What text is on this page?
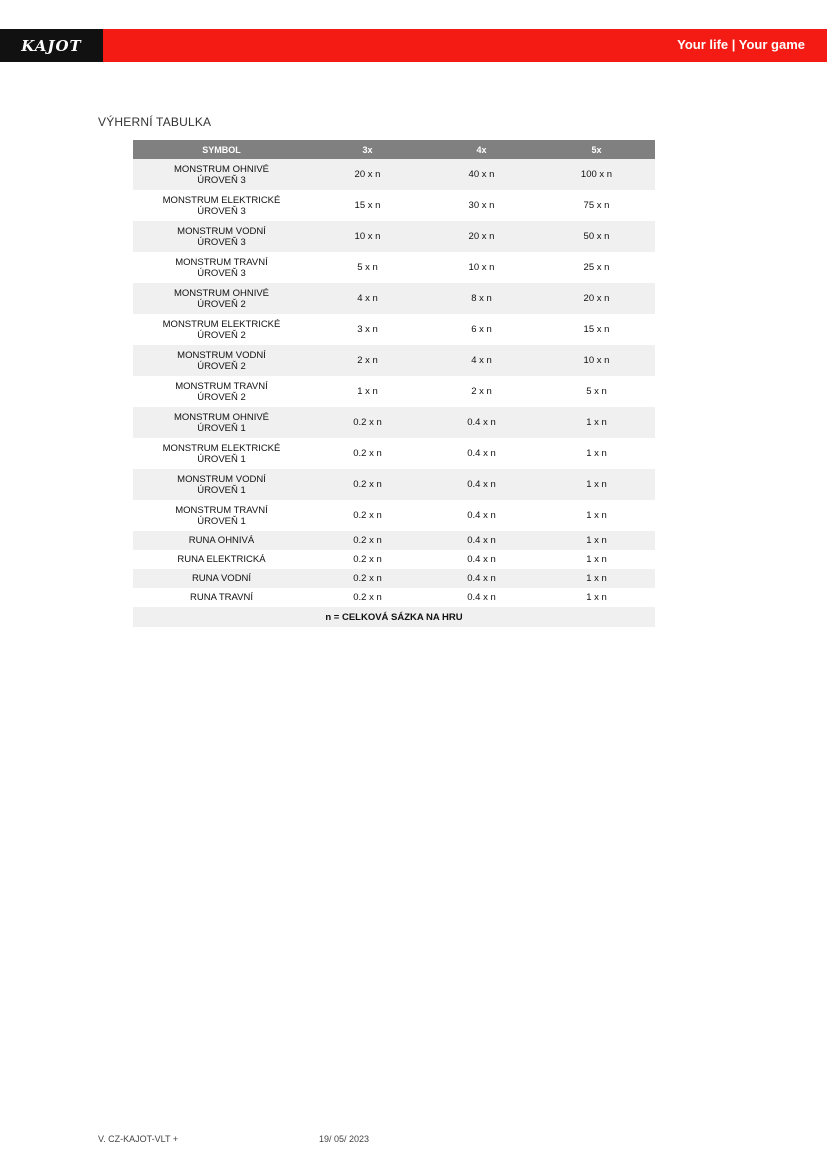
KAJOT	Your life | Your game
VÝHERNÍ TABULKA
SYMBOL	3x	4x	5x

MONSTRUM OHNIVÉ
ÚROVEŇ 3	20 x n	40 x n	100 x n

MONSTRUM ELEKTRICKÉ
ÚROVEŇ 3	15 x n	30 x n	75 x n

MONSTRUM VODNÍ
ÚROVEŇ 3	10 x n	20 x n	50 x n

MONSTRUM TRAVNÍ
ÚROVEŇ 3	5 x n	10 x n	25 x n

MONSTRUM OHNIVÉ
ÚROVEŇ 2	4 x n	8 x n	20 x n

MONSTRUM ELEKTRICKÉ
ÚROVEŇ 2	3 x n	6 x n	15 x n

MONSTRUM VODNÍ
ÚROVEŇ 2	2 x n	4 x n	10 x n

MONSTRUM TRAVNÍ
ÚROVEŇ 2	1 x n	2 x n	5 x n

MONSTRUM OHNIVÉ
ÚROVEŇ 1	0.2 x n	0.4 x n	1 x n

MONSTRUM ELEKTRICKÉ
ÚROVEŇ 1	0.2 x n	0.4 x n	1 x n

MONSTRUM VODNÍ
ÚROVEŇ 1	0.2 x n	0.4 x n	1 x n

MONSTRUM TRAVNÍ
ÚROVEŇ 1	0.2 x n	0.4 x n	1 x n

RUNA OHNIVÁ	0.2 x n	0.4 x n	1 x n

RUNA ELEKTRICKÁ	0.2 x n	0.4 x n	1 x n

RUNA VODNÍ	0.2 x n	0.4 x n	1 x n

RUNA TRAVNÍ	0.2 x n	0.4 x n	1 x n
n = CELKOVÁ SÁZKA NA HRU			
V. CZ-KAJOT-VLT +	19/ 05/ 2023
